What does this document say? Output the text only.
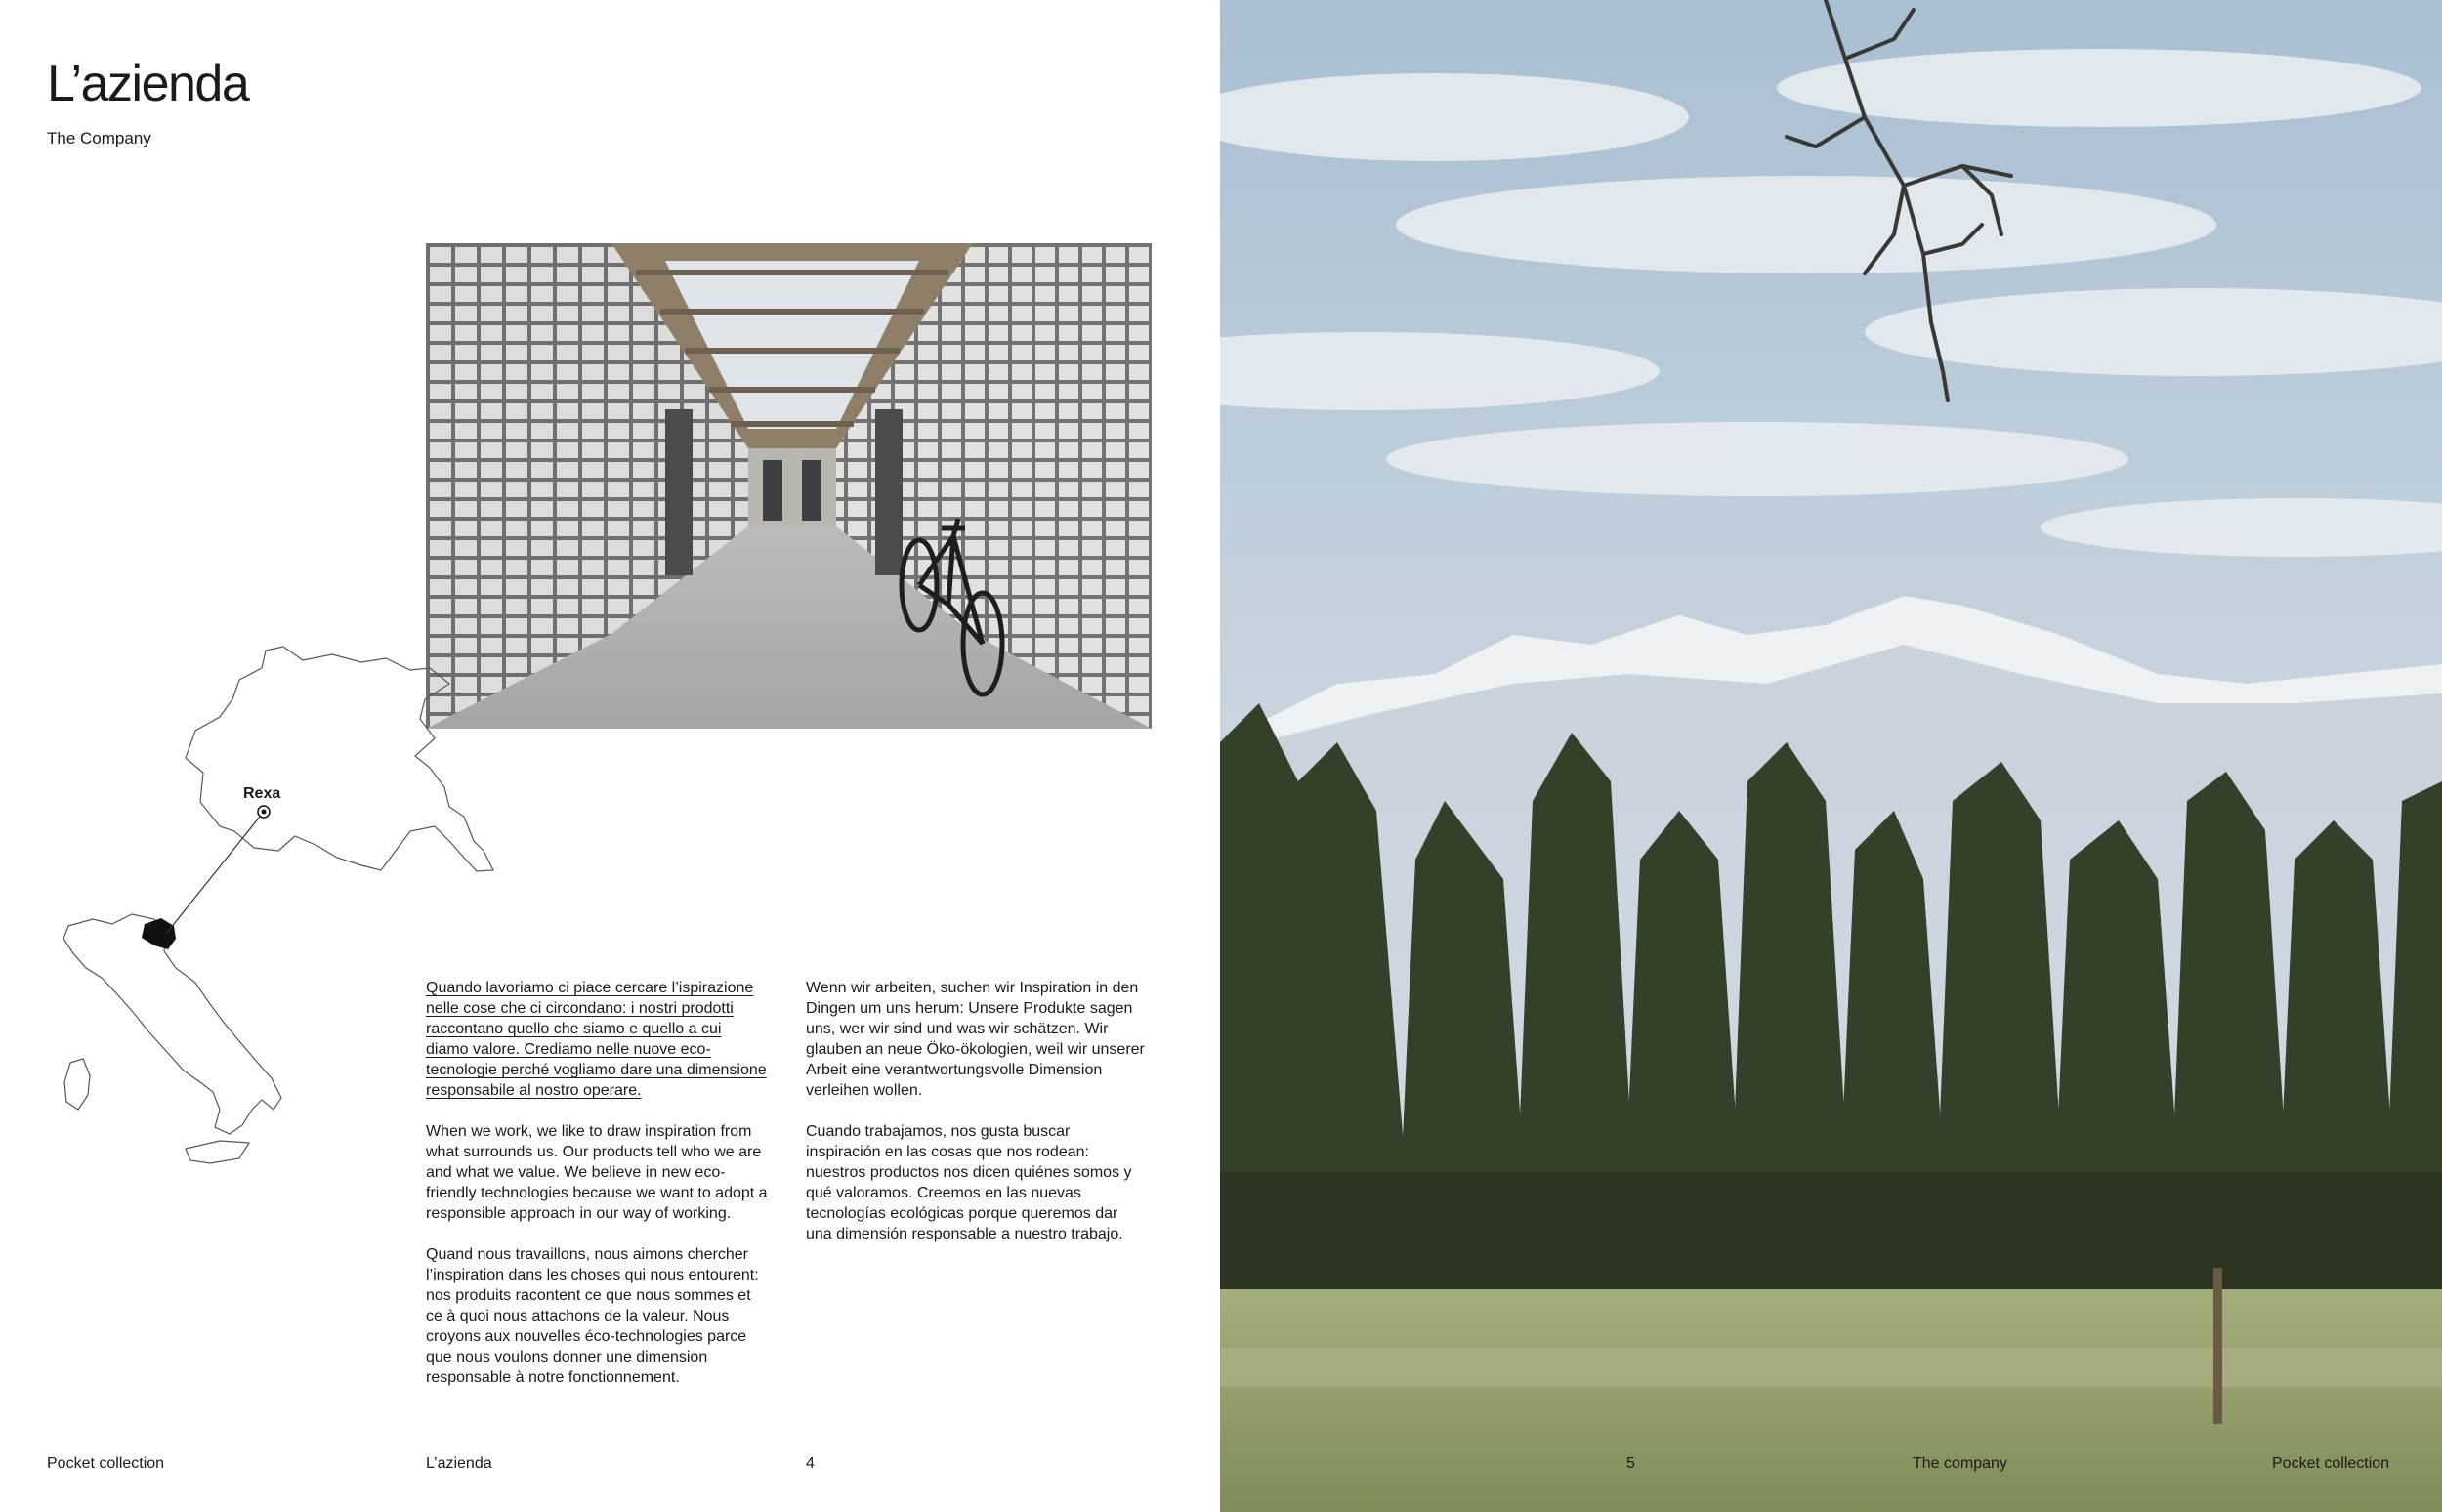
L’azienda
The Company
Rexa

Quando lavoriamo ci piace cercare l’ispirazione nelle cose che ci circondano: i nostri prodotti raccontano quello che siamo e quello a cui diamo valore. Crediamo nelle nuove eco-tecnologie perché vogliamo dare una dimensione responsabile al nostro operare.

When we work, we like to draw inspiration from what surrounds us. Our products tell who we are and what we value. We believe in new eco-friendly technologies because we want to adopt a responsible approach in our way of working.

Quand nous travaillons, nous aimons chercher l’inspiration dans les choses qui nous entourent: nos produits racontent ce que nous sommes et ce à quoi nous attachons de la valeur. Nous croyons aux nouvelles éco-technologies parce que nous voulons donner une dimension responsable à notre fonctionnement.

Wenn wir arbeiten, suchen wir Inspiration in den Dingen um uns herum: Unsere Produkte sagen uns, wer wir sind und was wir schätzen. Wir glauben an neue Öko-ökologien, weil wir unserer Arbeit eine verantwortungsvolle Dimension verleihen wollen.

Cuando trabajamos, nos gusta buscar inspiración en las cosas que nos rodean: nuestros productos nos dicen quiénes somos y qué valoramos. Creemos en las nuevas tecnologías ecológicas porque queremos dar una dimensión responsable a nuestro trabajo.

Pocket collection	L’azienda	4	5	The company	Pocket collection
